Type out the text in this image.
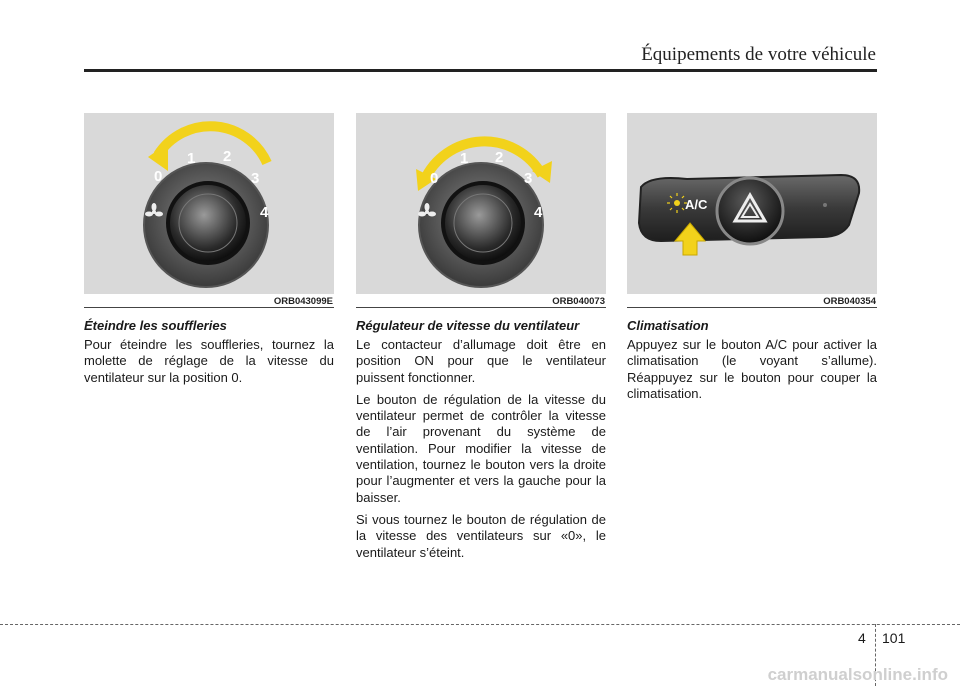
Équipements de votre véhicule
1 2
0	3
4
ORB043099E
Éteindre les souffleries

Pour éteindre les souffleries, tournez la molette de réglage de la vitesse du ventilateur sur la position 0.

1 2
0	3
4
ORB040073
Régulateur de vitesse du ventilateur

Le contacteur d’allumage doit être en position ON pour que le ventilateur puissent fonctionner.

Le bouton de régulation de la vitesse du ventilateur permet de contrôler la vitesse de l’air provenant du système de ventilation. Pour modifier la vitesse de ventilation, tournez le bouton vers la droite pour l’augmenter et vers la gauche pour la baisser.

Si vous tournez le bouton de régulation de la vitesse des ventilateurs sur «0», le ventilateur s’éteint.

A/C
ORB040354
Climatisation

Appuyez sur le bouton A/C pour activer la climatisation (le voyant s’allume). Réappuyez sur le bouton pour couper la climatisation.

4 101
carmanualsonline.info
